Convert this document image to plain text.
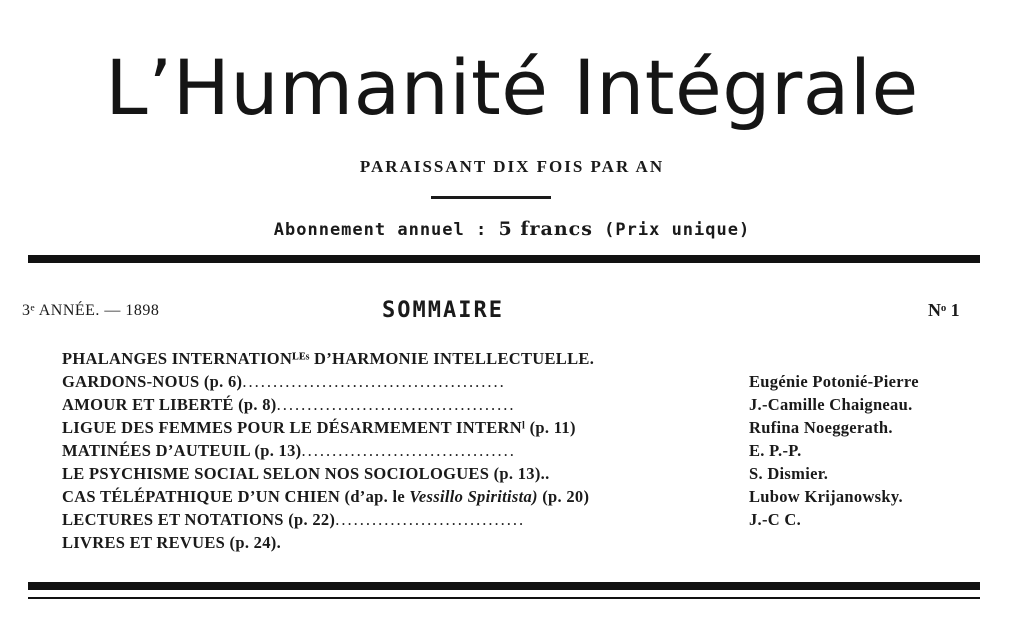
L’Humanité Intégrale
PARAISSANT DIX FOIS PAR AN
Abonnement annuel : 5 francs (Prix unique)
3ᵉ ANNÉE. — 1898	SOMMAIRE	Nᵒ 1
PHALANGES INTERNATIONᴸᴱˢ D’HARMONIE INTELLECTUELLE.
GARDONS-NOUS (p. 6)...........................................	Eugénie Potonié-Pierre
AMOUR ET LIBERTÉ (p. 8).......................................	J.-Camille Chaigneau.
LIGUE DES FEMMES POUR LE DÉSARMEMENT INTERNˡ (p. 11)	Rufina Noeggerath.
MATINÉES D’AUTEUIL (p. 13)...................................	E. P.-P.
LE PSYCHISME SOCIAL SELON NOS SOCIOLOGUES (p. 13)..	S. Dismier.
CAS TÉLÉPATHIQUE D’UN CHIEN (d’ap. le Vessillo Spiritista) (p. 20)	Lubow Krijanowsky.
LECTURES ET NOTATIONS (p. 22)...............................	J.-C C.
LIVRES ET REVUES (p. 24).
